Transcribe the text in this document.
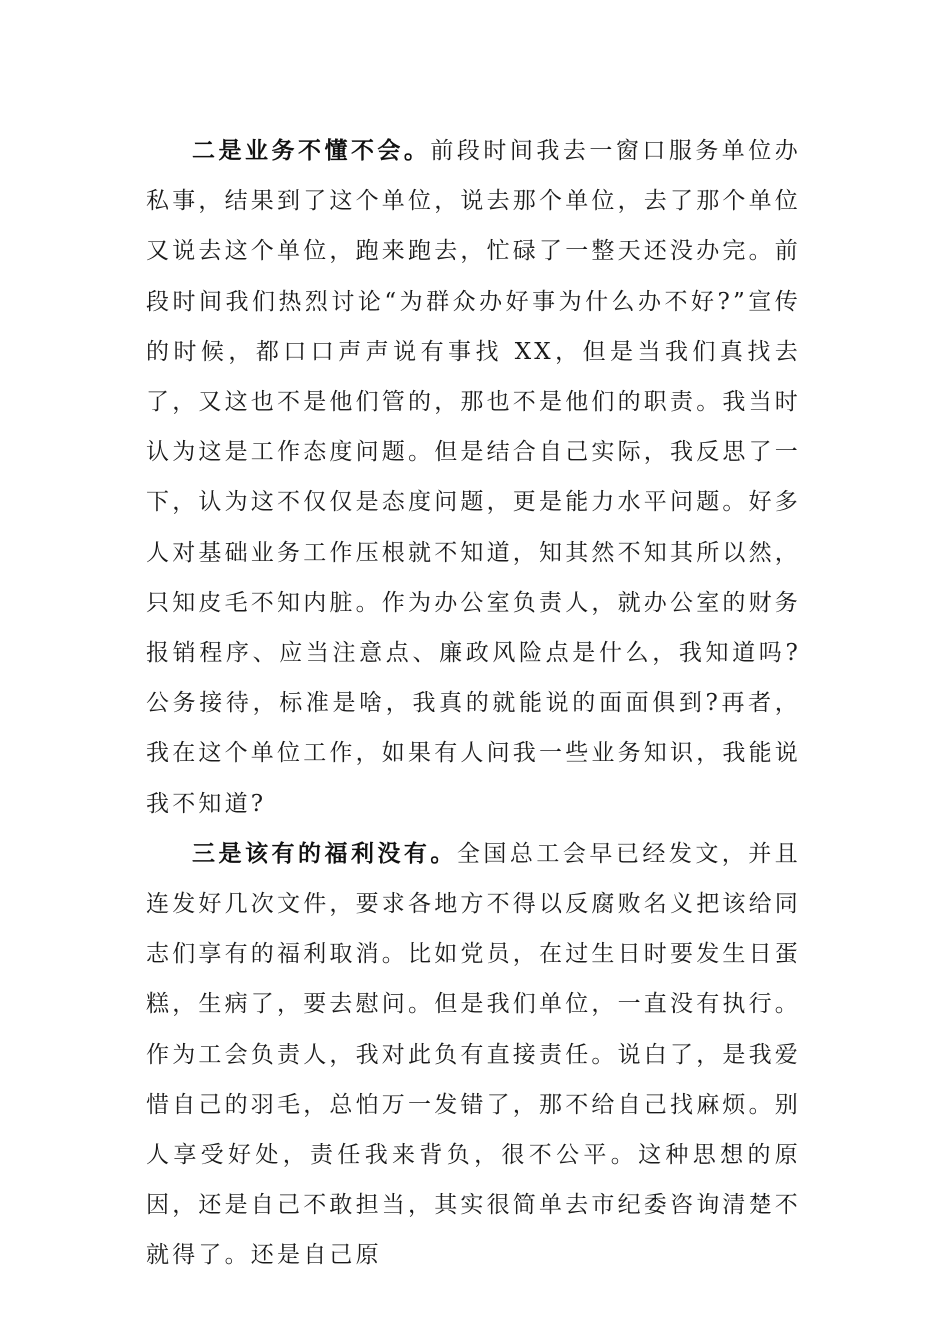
二是业务不懂不会。前段时间我去一窗口服务单位办私事，结果到了这个单位，说去那个单位，去了那个单位又说去这个单位，跑来跑去，忙碌了一整天还没办完。前段时间我们热烈讨论“为群众办好事为什么办不好?”宣传的时候，都口口声声说有事找 XX，但是当我们真找去了，又这也不是他们管的，那也不是他们的职责。我当时认为这是工作态度问题。但是结合自己实际，我反思了一下，认为这不仅仅是态度问题，更是能力水平问题。好多人对基础业务工作压根就不知道，知其然不知其所以然，只知皮毛不知内脏。作为办公室负责人，就办公室的财务报销程序、应当注意点、廉政风险点是什么，我知道吗?公务接待，标准是啥，我真的就能说的面面俱到?再者，我在这个单位工作，如果有人问我一些业务知识，我能说我不知道?

三是该有的福利没有。全国总工会早已经发文，并且连发好几次文件，要求各地方不得以反腐败名义把该给同志们享有的福利取消。比如党员，在过生日时要发生日蛋糕，生病了，要去慰问。但是我们单位，一直没有执行。作为工会负责人，我对此负有直接责任。说白了，是我爱惜自己的羽毛，总怕万一发错了，那不给自己找麻烦。别人享受好处，责任我来背负，很不公平。这种思想的原因，还是自己不敢担当，其实很简单去市纪委咨询清楚不就得了。还是自己原
